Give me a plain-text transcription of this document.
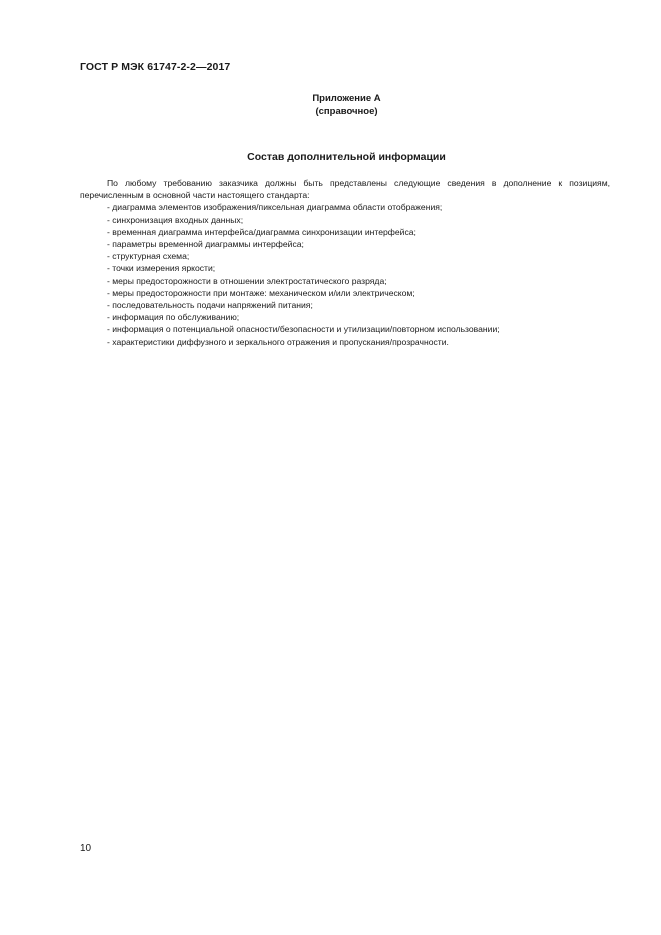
ГОСТ Р МЭК 61747-2-2—2017
Приложение А
(справочное)
Состав дополнительной информации

По любому требованию заказчика должны быть представлены следующие сведения в дополнение к позициям, перечисленным в основной части настоящего стандарта:

- диаграмма элементов изображения/пиксельная диаграмма области отображения;
- синхронизация входных данных;
- временная диаграмма интерфейса/диаграмма синхронизации интерфейса;
- параметры временной диаграммы интерфейса;
- структурная схема;
- точки измерения яркости;
- меры предосторожности в отношении электростатического разряда;
- меры предосторожности при монтаже: механическом и/или электрическом;
- последовательность подачи напряжений питания;
- информация по обслуживанию;
- информация о потенциальной опасности/безопасности и утилизации/повторном использовании;
- характеристики диффузного и зеркального отражения и пропускания/прозрачности.
10
